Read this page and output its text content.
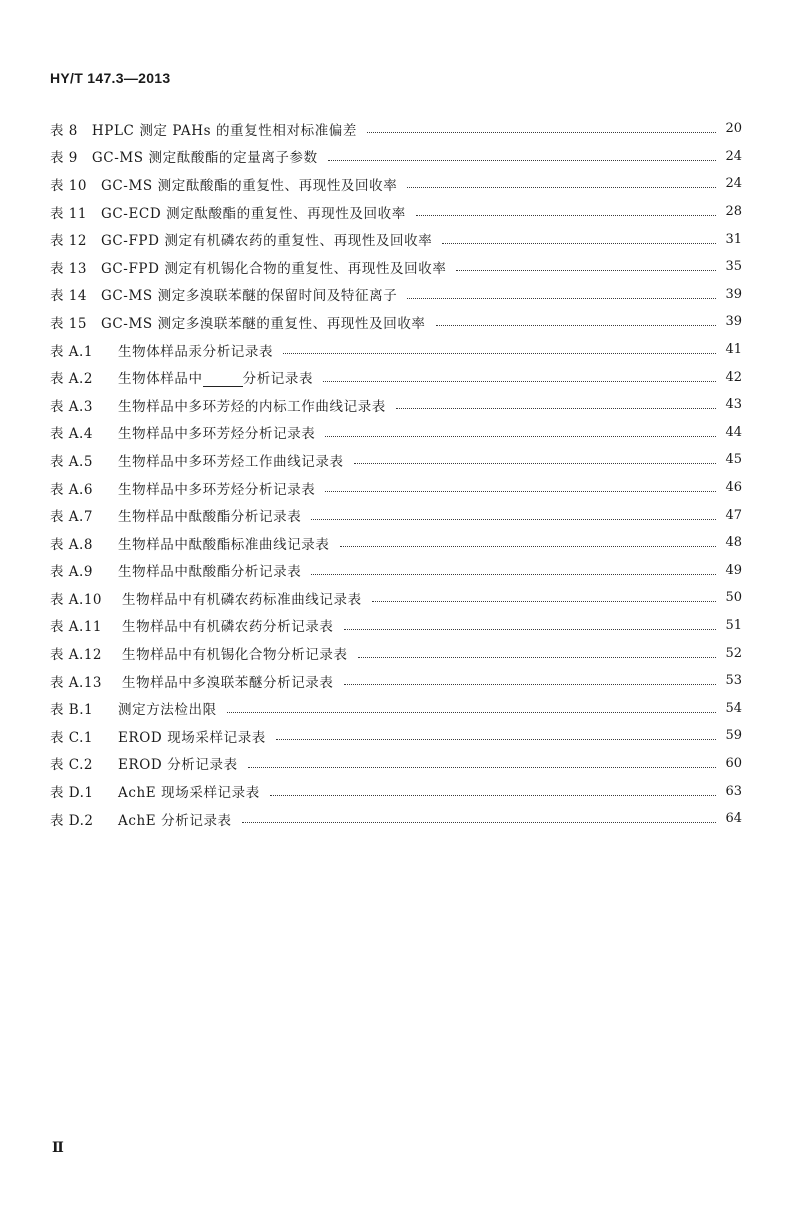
HY/T 147.3—2013
表 8 HPLC 测定 PAHs 的重复性相对标准偏差	20
表 9 GC-MS 测定酞酸酯的定量离子参数	24
表 10 GC-MS 测定酞酸酯的重复性、再现性及回收率	24
表 11 GC-ECD 测定酞酸酯的重复性、再现性及回收率	28
表 12 GC-FPD 测定有机磷农药的重复性、再现性及回收率	31
表 13 GC-FPD 测定有机锡化合物的重复性、再现性及回收率	35
表 14 GC-MS 测定多溴联苯醚的保留时间及特征离子	39
表 15 GC-MS 测定多溴联苯醚的重复性、再现性及回收率	39
表 A.1	生物体样品汞分析记录表	41
表 A.2	生物体样品中	分析记录表	42
表 A.3	生物样品中多环芳烃的内标工作曲线记录表	43
表 A.4	生物样品中多环芳烃分析记录表	44
表 A.5	生物样品中多环芳烃工作曲线记录表	45
表 A.6	生物样品中多环芳烃分析记录表	46
表 A.7	生物样品中酞酸酯分析记录表	47
表 A.8	生物样品中酞酸酯标准曲线记录表	48
表 A.9	生物样品中酞酸酯分析记录表	49
表 A.10	生物样品中有机磷农药标准曲线记录表	50
表 A.11	生物样品中有机磷农药分析记录表	51
表 A.12	生物样品中有机锡化合物分析记录表	52
表 A.13	生物样品中多溴联苯醚分析记录表	53
表 B.1	测定方法检出限	54
表 C.1	EROD 现场采样记录表	59
表 C.2	EROD 分析记录表	60
表 D.1	AchE 现场采样记录表	63
表 D.2	AchE 分析记录表	64
Ⅱ
